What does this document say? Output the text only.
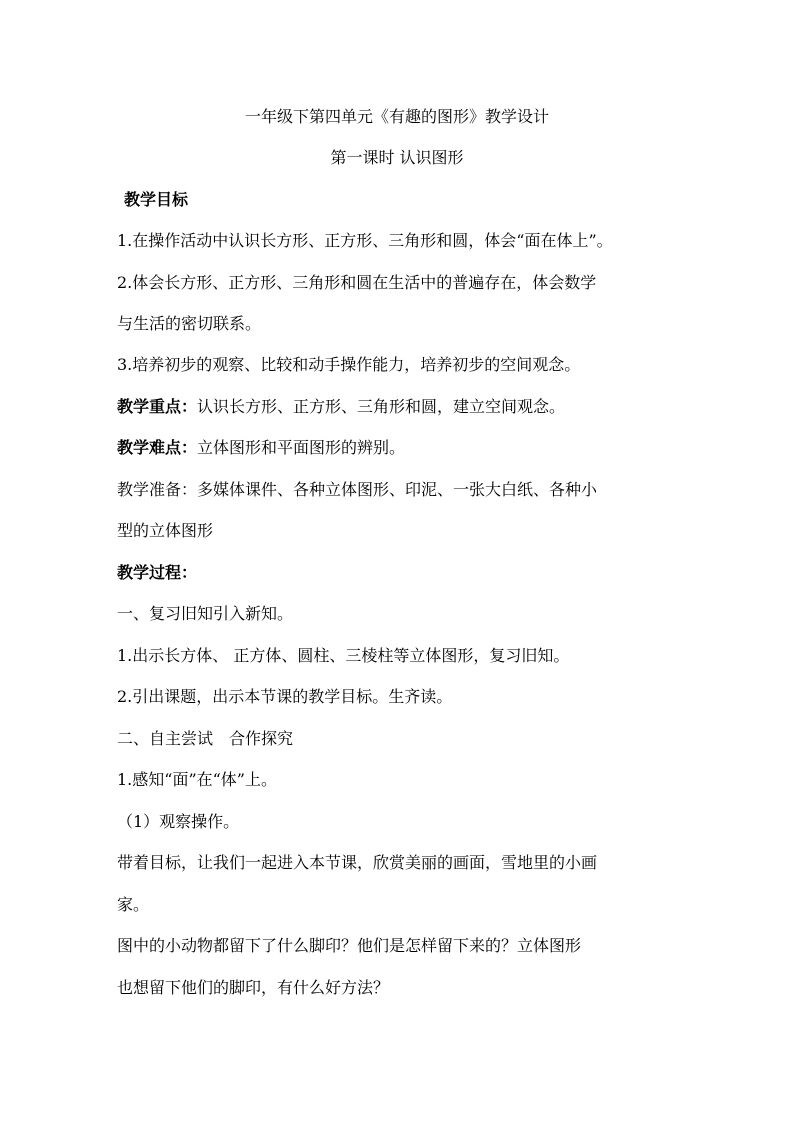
一年级下第四单元《有趣的图形》教学设计
第一课时 认识图形
教学目标
1.在操作活动中认识长方形、正方形、三角形和圆，体会“面在体上”。
2.体会长方形、正方形、三角形和圆在生活中的普遍存在，体会数学
与生活的密切联系。
3.培养初步的观察、比较和动手操作能力，培养初步的空间观念。
教学重点：认识长方形、正方形、三角形和圆，建立空间观念。
教学难点：立体图形和平面图形的辨别。
教学准备：多媒体课件、各种立体图形、印泥、一张大白纸、各种小
型的立体图形
教学过程：
一、复习旧知引入新知。
1.出示长方体、 正方体、圆柱、三棱柱等立体图形，复习旧知。
2.引出课题，出示本节课的教学目标。生齐读。
二、自主尝试　合作探究
1.感知“面”在“体”上。
（1）观察操作。
带着目标，让我们一起进入本节课，欣赏美丽的画面，雪地里的小画
家。
图中的小动物都留下了什么脚印？他们是怎样留下来的？立体图形
也想留下他们的脚印，有什么好方法？
